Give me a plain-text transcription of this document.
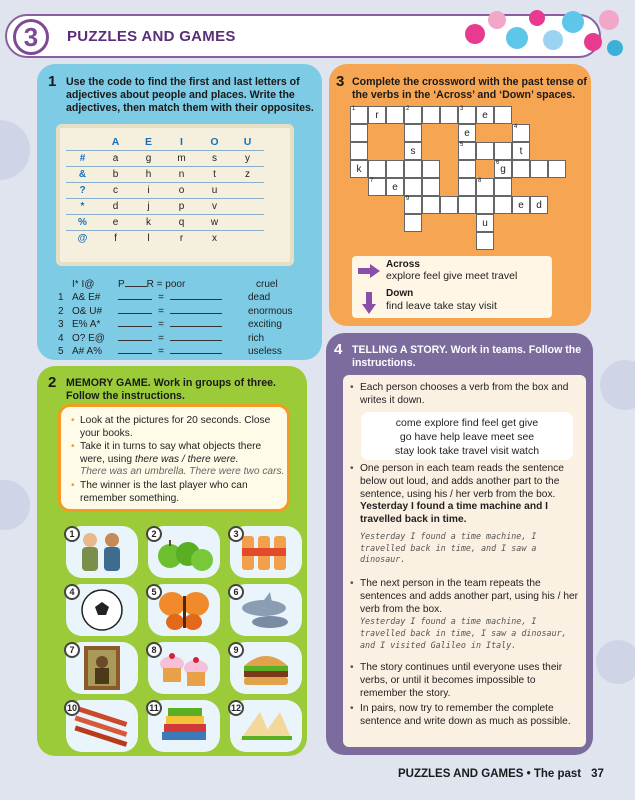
3	PUZZLES AND GAMES
1 Use the code to find the first and last letters of
adjectives about people and places. Write the
adjectives, then match them with their opposites.
	A	E	I	O	U
#	a	g	m	s	y
&	b	h	n	t	z
?	c	i	o	u	
*	d	j	p	v	
%	e	k	q	w	
@	f	l	r	x	
I* I@	P R = poor	cruel
1 A& E#	=	dead
2 O& U#	=	enormous
3 E% A*	=	exciting
4 O? E@	=	rich
5 A# A%	=	useless
2 MEMORY GAME. Work in groups of three.
Follow the instructions.
• Look at the pictures for 20 seconds. Close your books.
• Take it in turns to say what objects there were, using there was / there were.
There was an umbrella. There were two cars.
• The winner is the last player who can remember something.
1	2	3
4	5	6
7	8	9
10	11	12
3 Complete the crossword with the past tense of
the verbs in the ‘Across’ and ‘Down’ spaces.
1
r
2	3
e
s
e
5
t
4
k
6
g
7
e
8
9
e	d
u
Across
explore feel give meet travel
Down
find leave take stay visit
4 TELLING A STORY. Work in teams. Follow the
instructions.
• Each person chooses a verb from the box and writes it down.
come explore find feel get give
go have help leave meet see
stay look take travel visit watch
• One person in each team reads the sentence below out loud, and adds another part to the sentence, using his / her verb from the box.
Yesterday I found a time machine and I travelled back in time.
Yesterday I found a time machine, I travelled back in time, and I saw a dinosaur.
• The next person in the team repeats the sentences and adds another part, using his / her verb from the box.
Yesterday I found a time machine, I travelled back in time, I saw a dinosaur, and I visited Galileo in Italy.
• The story continues until everyone uses their verbs, or until it becomes impossible to remember the story.
• In pairs, now try to remember the complete sentence and write down as much as possible.
PUZZLES AND GAMES • The past 37
